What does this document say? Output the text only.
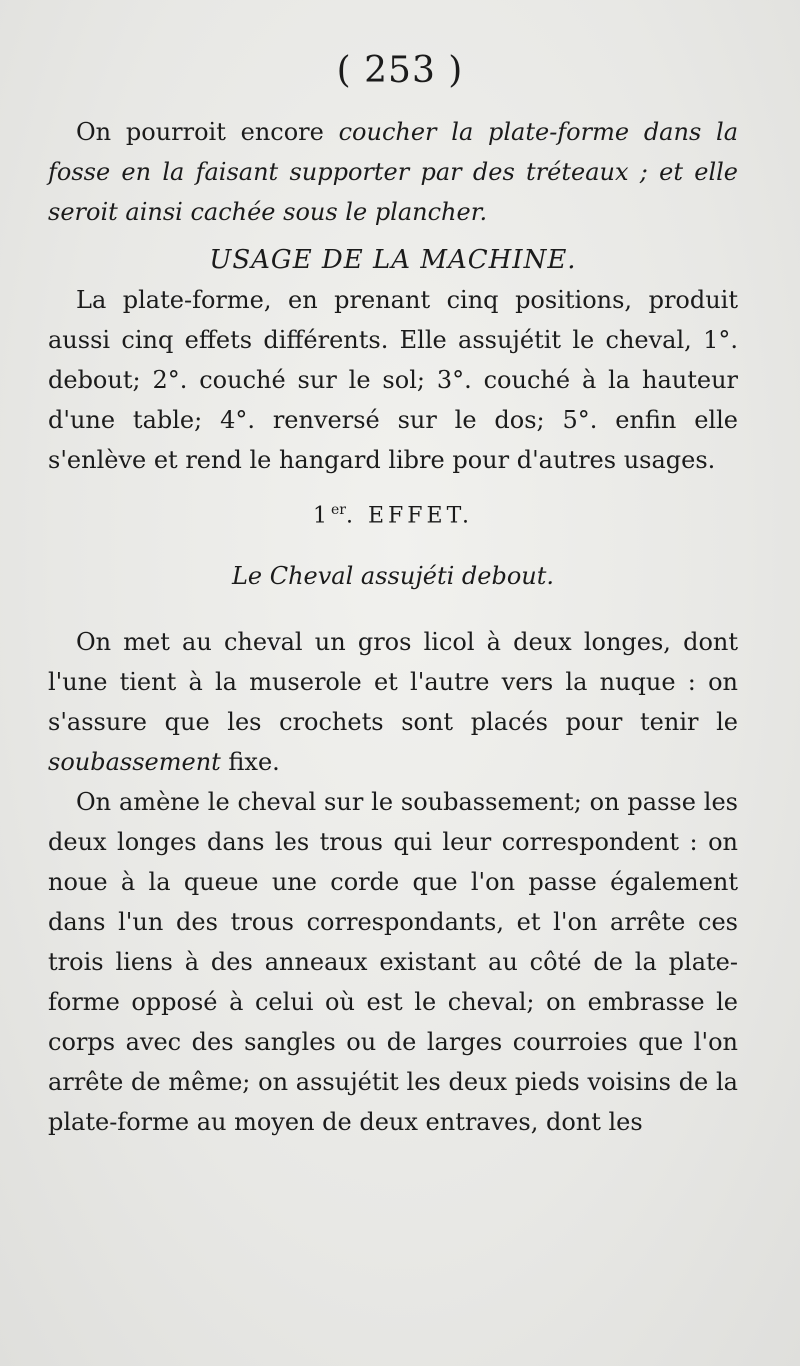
( 253 )

On pourroit encore coucher la plate-forme dans la fosse en la faisant supporter par des tréteaux ; et elle seroit ainsi cachée sous le plancher.

USAGE DE LA MACHINE.

La plate-forme, en prenant cinq positions, produit aussi cinq effets différents. Elle assujétit le cheval, 1°. debout; 2°. couché sur le sol; 3°. couché à la hauteur d'une table; 4°. renversé sur le dos; 5°. enfin elle s'enlève et rend le hangard libre pour d'autres usages.

1er. EFFET.
Le Cheval assujéti debout.

On met au cheval un gros licol à deux longes, dont l'une tient à la muserole et l'autre vers la nuque : on s'assure que les crochets sont placés pour tenir le soubassement fixe.

On amène le cheval sur le soubassement; on passe les deux longes dans les trous qui leur correspondent : on noue à la queue une corde que l'on passe également dans l'un des trous correspondants, et l'on arrête ces trois liens à des anneaux existant au côté de la plate-forme opposé à celui où est le cheval; on embrasse le corps avec des sangles ou de larges courroies que l'on arrête de même; on assujétit les deux pieds voisins de la plate-forme au moyen de deux entraves, dont les
